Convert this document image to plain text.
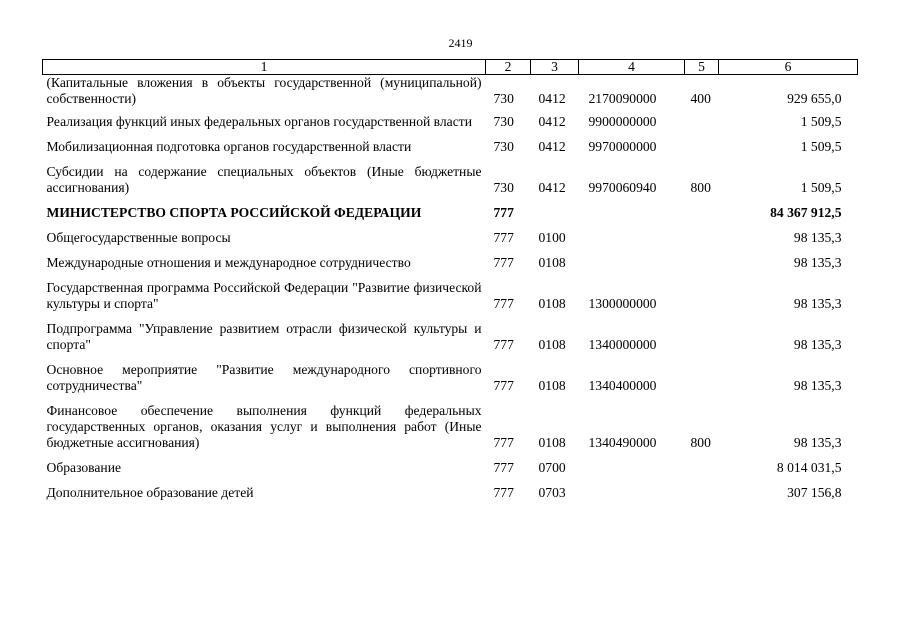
2419
1	2	3	4	5	6
(Капитальные вложения в объекты государственной (муниципальной) собственности)	730	0412	2170090000	400	929 655,0
Реализация функций иных федеральных органов государственной власти	730	0412	9900000000		1 509,5
Мобилизационная подготовка органов государственной власти	730	0412	9970000000		1 509,5
Субсидии на содержание специальных объектов (Иные бюджетные ассигнования)	730	0412	9970060940	800	1 509,5
МИНИСТЕРСТВО СПОРТА РОССИЙСКОЙ ФЕДЕРАЦИИ	777				84 367 912,5
Общегосударственные вопросы	777	0100			98 135,3
Международные отношения и международное сотрудничество	777	0108			98 135,3
Государственная программа Российской Федерации "Развитие физической культуры и спорта"	777	0108	1300000000		98 135,3
Подпрограмма "Управление развитием отрасли физической культуры и спорта"	777	0108	1340000000		98 135,3
Основное мероприятие "Развитие международного спортивного сотрудничества"	777	0108	1340400000		98 135,3
Финансовое обеспечение выполнения функций федеральных государственных органов, оказания услуг и выполнения работ (Иные бюджетные ассигнования)	777	0108	1340490000	800	98 135,3
Образование	777	0700			8 014 031,5
Дополнительное образование детей	777	0703			307 156,8
